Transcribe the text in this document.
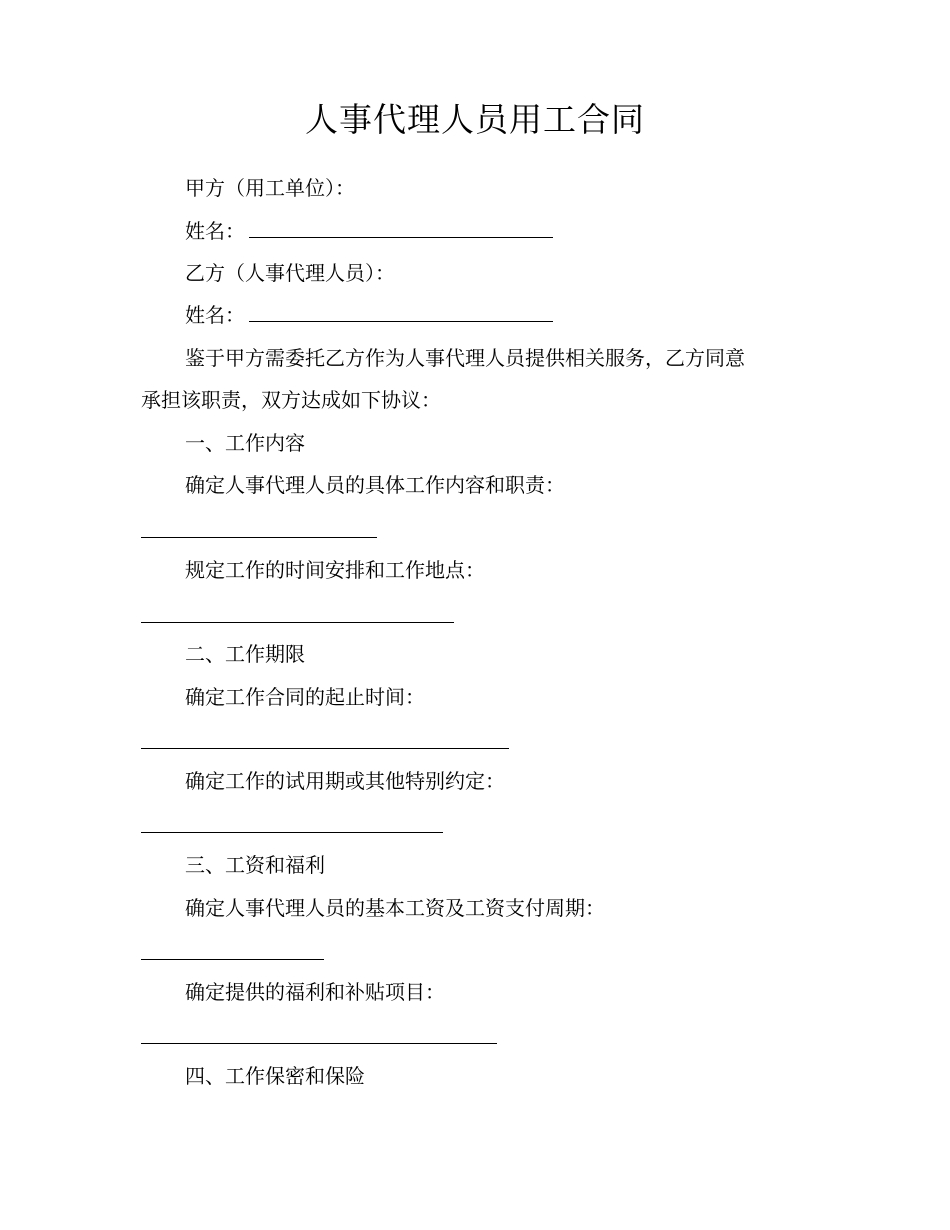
人事代理人员用工合同
甲方（用工单位）：
姓名：
乙方（人事代理人员）：
姓名：
鉴于甲方需委托乙方作为人事代理人员提供相关服务，乙方同意
承担该职责，双方达成如下协议：
一、工作内容
确定人事代理人员的具体工作内容和职责：
规定工作的时间安排和工作地点：
二、工作期限
确定工作合同的起止时间：
确定工作的试用期或其他特别约定：
三、工资和福利
确定人事代理人员的基本工资及工资支付周期：
确定提供的福利和补贴项目：
四、工作保密和保险
